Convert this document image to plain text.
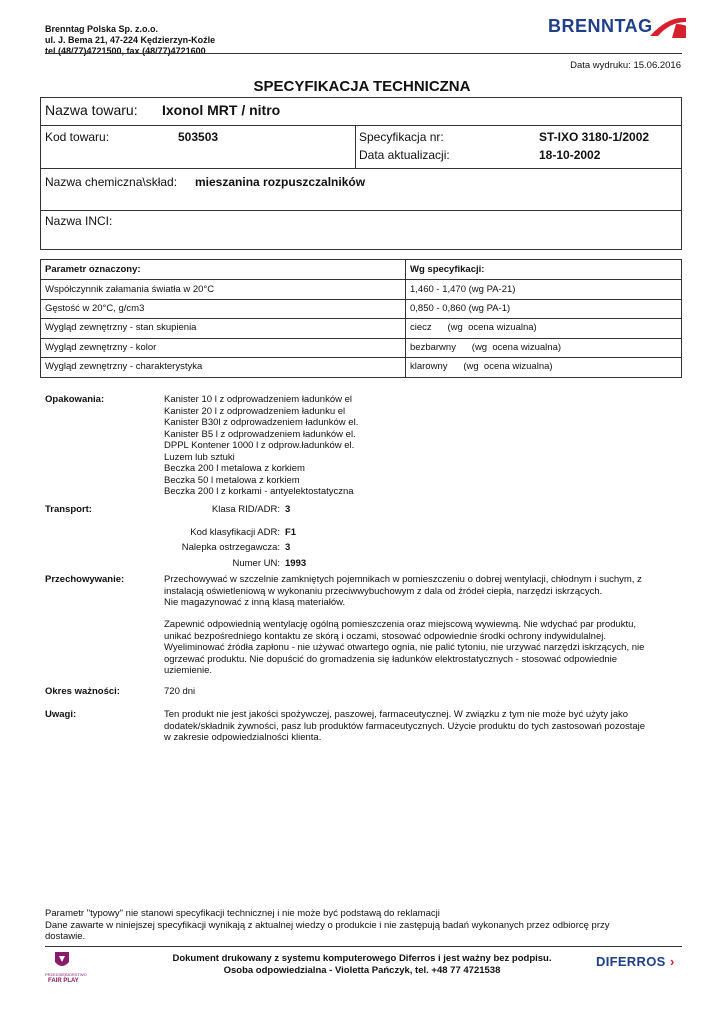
Brenntag Polska Sp. z.o.o.
ul. J. Bema 21, 47-224 Kędzierzyn-Koźle
tel (48/77)4721500, fax (48/77)4721600
BRENNTAG
Data wydruku: 15.06.2016
SPECYFIKACJA TECHNICZNA
Nazwa towaru: Ixonol MRT / nitro
Kod towaru:	503503	Specyfikacja nr:	ST-IXO 3180-1/2002
Data aktualizacji:	18-10-2002
Nazwa chemiczna\skład: mieszanina rozpuszczalników
Nazwa INCI:
Parametr oznaczony:	Wg specyfikacji:
Współczynnik załamania światła w 20°C	1,460 - 1,470 (wg PA-21)
Gęstość w 20°C, g/cm3	0,850 - 0,860 (wg PA-1)
Wygląd zewnętrzny - stan skupienia	ciecz      (wg  ocena wizualna)
Wygląd zewnętrzny - kolor	bezbarwny      (wg  ocena wizualna)
Wygląd zewnętrzny - charakterystyka	klarowny      (wg  ocena wizualna)
Opakowania:	Kanister 10 l z odprowadzeniem ładunków el
Kanister 20 l z odprowadzeniem ładunku el
Kanister B30l z odprowadzeniem ładunków el.
Kanister B5 l z odprowadzeniem ładunków el.
DPPL Kontener 1000 l z odprow.ładunków el.
Luzem lub sztuki
Beczka 200 l metalowa z korkiem
Beczka 50 l metalowa z korkiem
Beczka 200 l z korkami - antyelektostatyczna
Transport:	Klasa RID/ADR: 3
Kod klasyfikacji ADR: F1
Nalepka ostrzegawcza: 3
Numer UN: 1993
Przechowywanie:	Przechowywać w szczelnie zamkniętych pojemnikach w pomieszczeniu o dobrej wentylacji, chłodnym i suchym, z
instalacją oświetleniową w wykonaniu przeciwwybuchowym z dala od źródeł ciepła, narzędzi iskrzących.
Nie magazynować z inną klasą materiałów.
Zapewnić odpowiednią wentylację ogólną pomieszczenia oraz miejscową wywiewną. Nie wdychać par produktu,
unikać bezpośredniego kontaktu ze skórą i oczami, stosować odpowiednie środki ochrony indywidulalnej.
Wyeliminować źródła zapłonu - nie używać otwartego ognia, nie palić tytoniu, nie urzywać narzędzi iskrzących, nie
ogrzewać produktu. Nie dopuścić do gromadzenia się ładunków elektrostatycznych - stosować odpowiednie
uziemienie.
Okres ważności:	720 dni
Uwagi:	Ten produkt nie jest jakości spożywczej, paszowej, farmaceutycznej. W związku z tym nie może być użyty jako
dodatek/składnik żywności, pasz lub produktów farmaceutycznych. Użycie produktu do tych zastosowań pozostaje
w zakresie odpowiedzialności klienta.
Parametr "typowy" nie stanowi specyfikacji technicznej i nie może być podstawą do reklamacji
Dane zawarte w niniejszej specyfikacji wynikają z aktualnej wiedzy o produkcie i nie zastępują badań wykonanych przez odbiorcę przy
dostawie.
PRZEDSIĘBIORSTWO
FAIR PLAY
Dokument drukowany z systemu komputerowego Diferros i jest ważny bez podpisu.
Osoba odpowiedzialna - Violetta Pańczyk, tel. +48 77 4721538
DIFERROS ›
